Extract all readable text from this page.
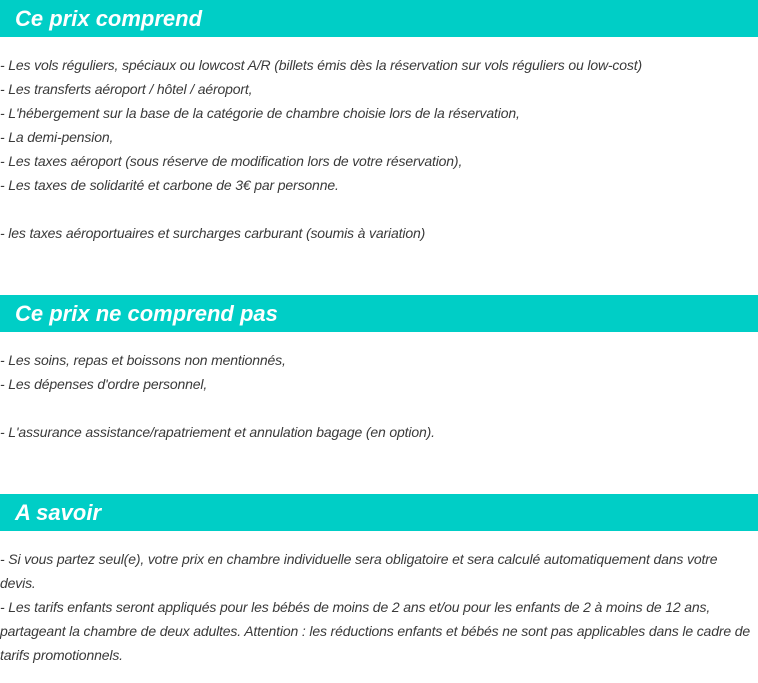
Ce prix comprend
- Les vols réguliers, spéciaux ou lowcost A/R (billets émis dès la réservation sur vols réguliers ou low-cost)
- Les transferts aéroport / hôtel / aéroport,
- L'hébergement sur la base de la catégorie de chambre choisie lors de la réservation,
- La demi-pension,
- Les taxes aéroport (sous réserve de modification lors de votre réservation),
- Les taxes de solidarité et carbone de 3€ par personne.
- les taxes aéroportuaires et surcharges carburant (soumis à variation)
Ce prix ne comprend pas
- Les soins, repas et boissons non mentionnés,
- Les dépenses d'ordre personnel,
- L'assurance assistance/rapatriement et annulation bagage (en option).
A savoir
- Si vous partez seul(e), votre prix en chambre individuelle sera obligatoire et sera calculé automatiquement dans votre devis.
- Les tarifs enfants seront appliqués pour les bébés de moins de 2 ans et/ou pour les enfants de 2 à moins de 12 ans, partageant la chambre de deux adultes. Attention : les réductions enfants et bébés ne sont pas applicables dans le cadre de tarifs promotionnels.
